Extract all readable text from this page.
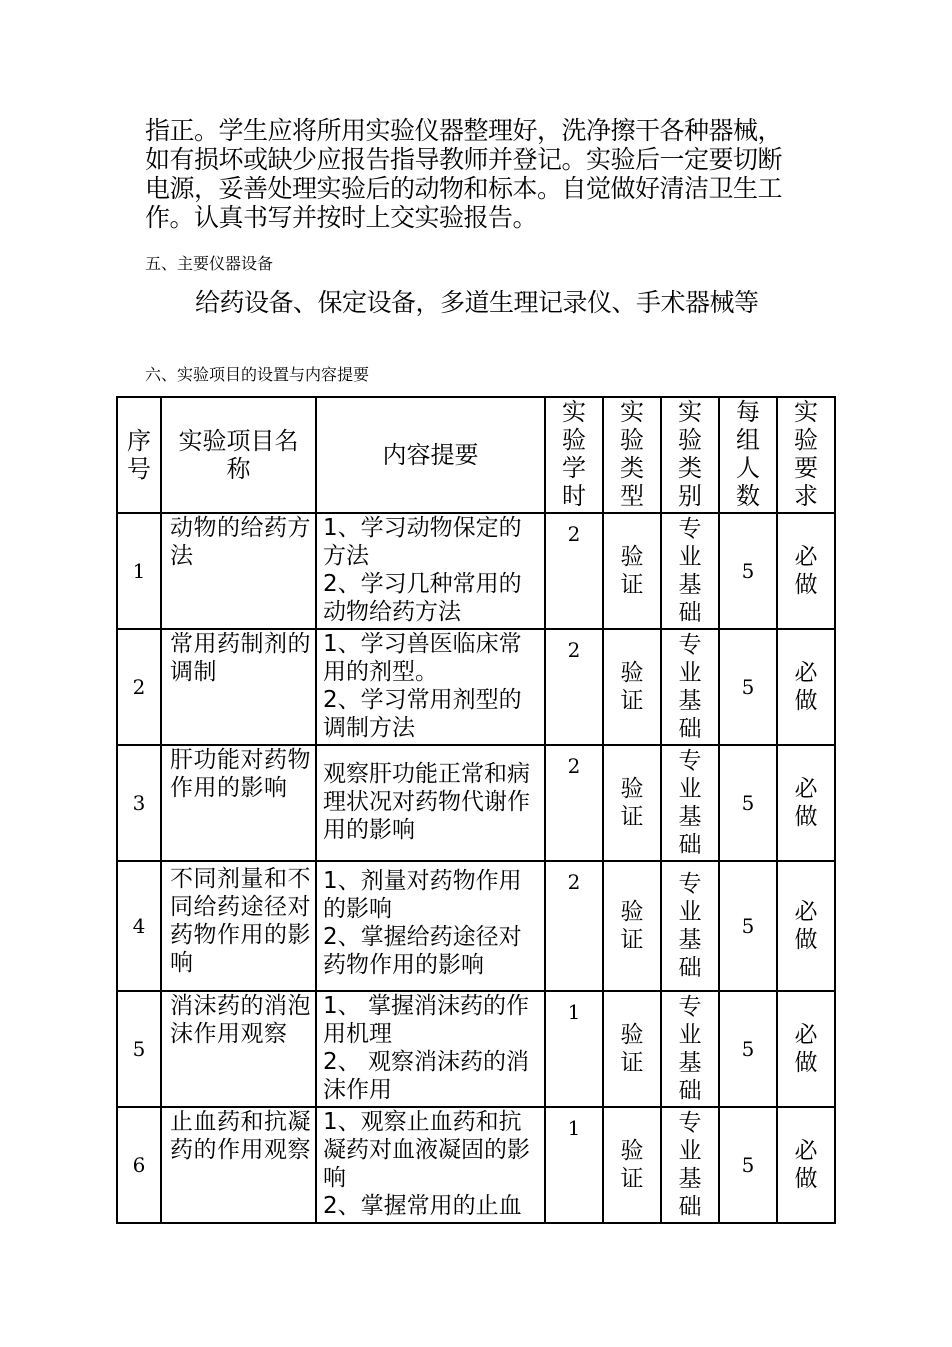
指正。学生应将所用实验仪器整理好，洗净擦干各种器械，
如有损坏或缺少应报告指导教师并登记。实验后一定要切断
电源，妥善处理实验后的动物和标本。自觉做好清洁卫生工
作。认真书写并按时上交实验报告。
五、主要仪器设备
给药设备、保定设备，多道生理记录仪、手术器械等
六、实验项目的设置与内容提要
序号	实验项目名称	内容提要	实验学时	实验类型	实验类别	每组人数	实验要求

1	动物的给药方法	1、学习动物保定的方法
2、学习几种常用的动物给药方法	2	验证	专业基础	5	必做

2	常用药制剂的调制	1、学习兽医临床常用的剂型。
2、学习常用剂型的调制方法	2	验证	专业基础	5	必做

3	肝功能对药物作用的影响	观察肝功能正常和病理状况对药物代谢作用的影响	2	验证	专业基础	5	必做

4	不同剂量和不同给药途径对药物作用的影响	1、剂量对药物作用的影响
2、掌握给药途径对药物作用的影响	2	验证	专业基础	5	必做

5	消沫药的消泡沫作用观察	1、 掌握消沫药的作用机理
2、 观察消沫药的消沫作用	1	验证	专业基础	5	必做

6	止血药和抗凝药的作用观察	1、观察止血药和抗凝药对血液凝固的影响
2、掌握常用的止血	1	验证	专业基础	5	必做
